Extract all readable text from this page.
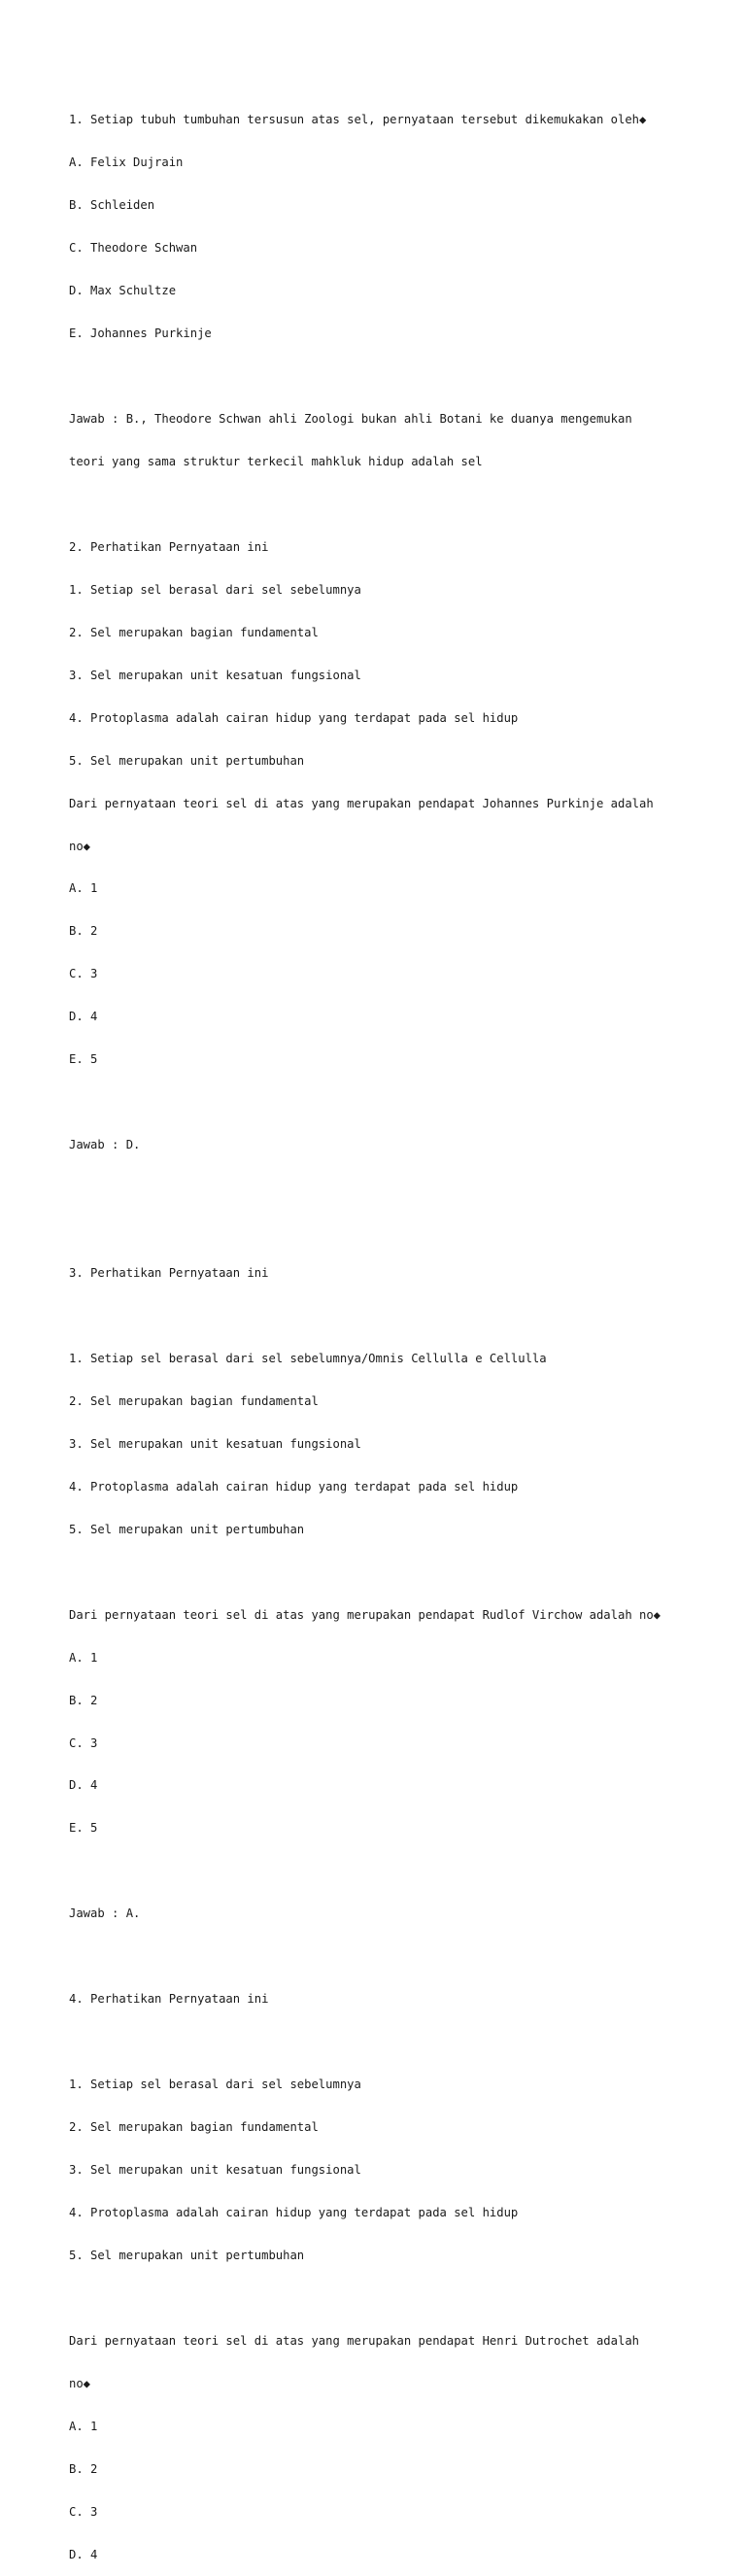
1. Setiap tubuh tumbuhan tersusun atas sel, pernyataan tersebut dikemukakan oleh◆

A. Felix Dujrain

B. Schleiden

C. Theodore Schwan

D. Max Schultze

E. Johannes Purkinje

Jawab : B., Theodore Schwan ahli Zoologi bukan ahli Botani ke duanya mengemukan

teori yang sama struktur terkecil mahkluk hidup adalah sel

2. Perhatikan Pernyataan ini

1. Setiap sel berasal dari sel sebelumnya

2. Sel merupakan bagian fundamental

3. Sel merupakan unit kesatuan fungsional

4. Protoplasma adalah cairan hidup yang terdapat pada sel hidup

5. Sel merupakan unit pertumbuhan

Dari pernyataan teori sel di atas yang merupakan pendapat Johannes Purkinje adalah

no◆

A. 1

B. 2

C. 3

D. 4

E. 5

Jawab : D.

3. Perhatikan Pernyataan ini

1. Setiap sel berasal dari sel sebelumnya/Omnis Cellulla e Cellulla

2. Sel merupakan bagian fundamental

3. Sel merupakan unit kesatuan fungsional

4. Protoplasma adalah cairan hidup yang terdapat pada sel hidup

5. Sel merupakan unit pertumbuhan

Dari pernyataan teori sel di atas yang merupakan pendapat Rudlof Virchow adalah no◆

A. 1

B. 2

C. 3

D. 4

E. 5

Jawab : A.

4. Perhatikan Pernyataan ini

1. Setiap sel berasal dari sel sebelumnya

2. Sel merupakan bagian fundamental

3. Sel merupakan unit kesatuan fungsional

4. Protoplasma adalah cairan hidup yang terdapat pada sel hidup

5. Sel merupakan unit pertumbuhan

Dari pernyataan teori sel di atas yang merupakan pendapat Henri Dutrochet adalah

no◆

A. 1

B. 2

C. 3

D. 4
